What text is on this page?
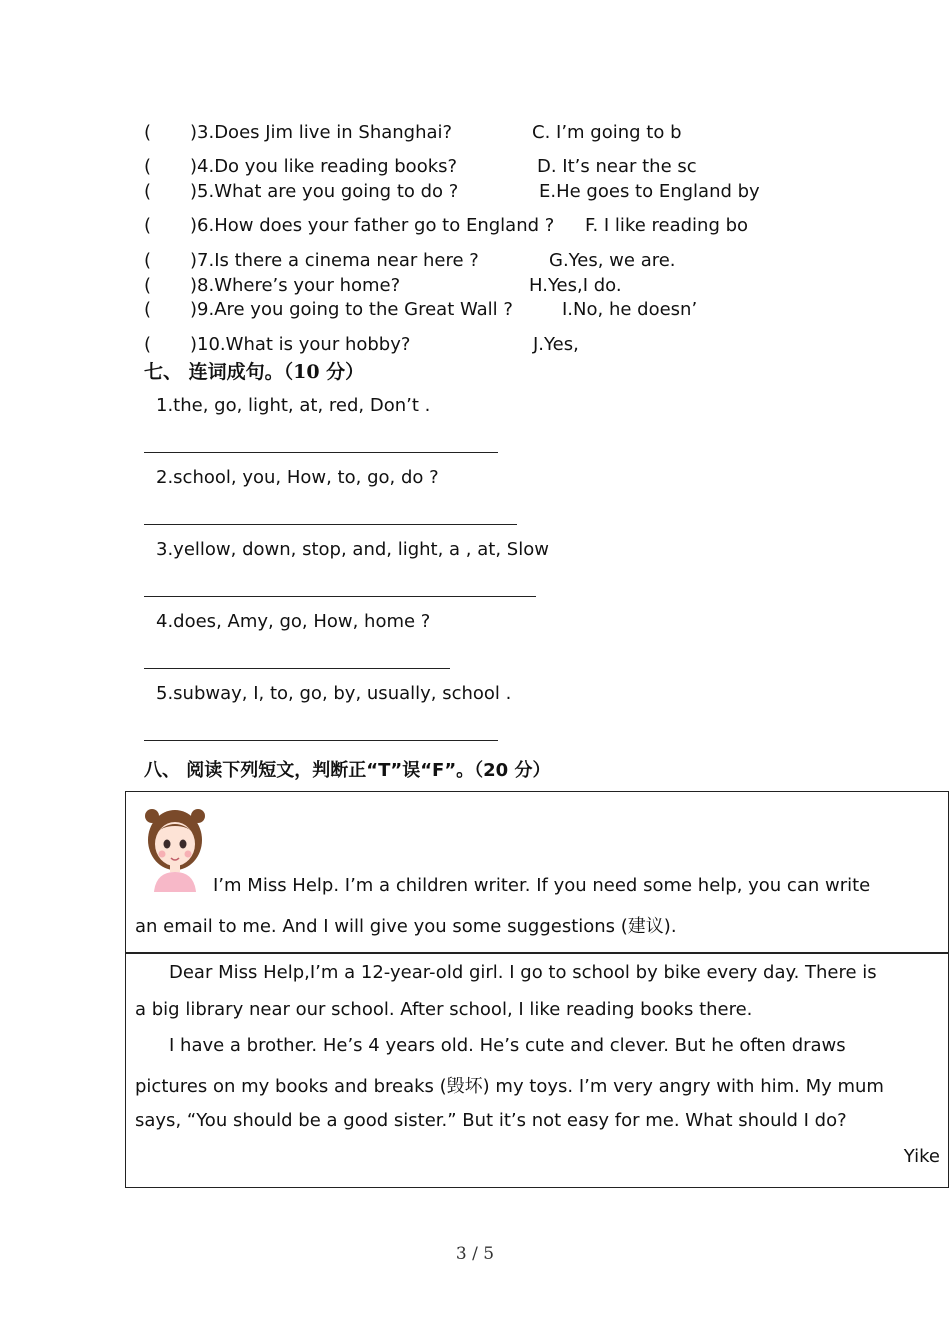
( )3.Does Jim live in Shanghai?	C. I’m going to b
( )4.Do you like reading books?	D. It’s near the sc
( )5.What are you going to do ?	E.He goes to England by
( )6.How does your father go to England ? F. I like reading bo
( )7.Is there a cinema near here ?	G.Yes, we are.
( )8.Where’s your home?	H.Yes,I do.
( )9.Are you going to the Great Wall ?	I.No, he doesn’
( )10.What is your hobby?	J.Yes,
七、 连词成句。（10 分）
1.the, go, light, at, red, Don’t .
2.school, you, How, to, go, do ?
3.yellow, down, stop, and, light, a , at, Slow
4.does, Amy, go, How, home ?
5.subway, I, to, go, by, usually, school .
八、 阅读下列短文，判断正“T”误“F”。（20 分）

I’m Miss Help. I’m a children writer. If you need some help, you can write

an email to me. And I will give you some suggestions (建议).

Dear Miss Help,I’m a 12-year-old girl. I go to school by bike every day. There is

a big library near our school. After school, I like reading books there.

I have a brother. He’s 4 years old. He’s cute and clever. But he often draws

pictures on my books and breaks (毁坏) my toys. I’m very angry with him. My mum

says, “You should be a good sister.” But it’s not easy for me. What should I do?

Yike

3 / 5
